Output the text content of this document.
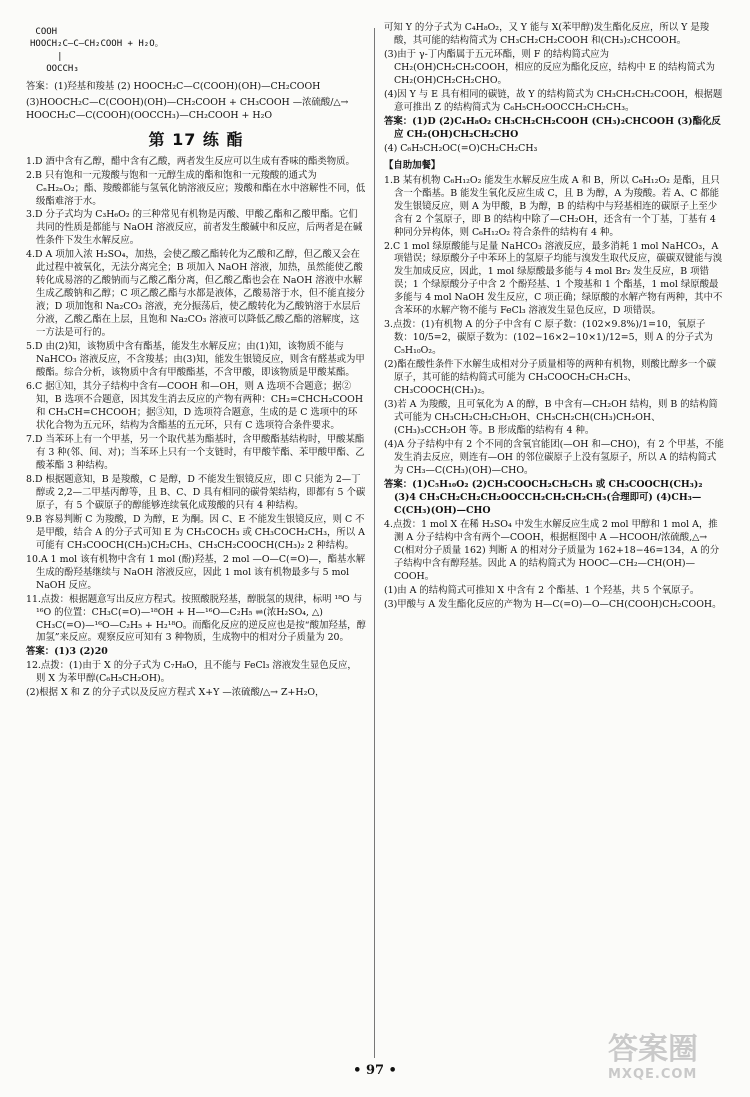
COOH
HOOCH₂C—C—CH₂COOH + H₂O。
|
OOCCH₃

答案：(1)羟基和羧基 (2) HOOCH₂C—C(COOH)(OH)—CH₂COOH

(3)HOOCH₂C—C(COOH)(OH)—CH₂COOH + CH₃COOH —浓硫酸/△→ HOOCH₂C—C(COOH)(OOCCH₃)—CH₂COOH + H₂O

第 17 练 酯

1.D 酒中含有乙醇，醋中含有乙酸，两者发生反应可以生成有香味的酯类物质。

2.B 只有饱和一元羧酸与饱和一元醇生成的酯和饱和一元羧酸的通式为 CₙH₂ₙO₂；酯、羧酸都能与氢氧化钠溶液反应；羧酸和酯在水中溶解性不同，低级酯难溶于水。

3.D 分子式均为 C₃H₆O₂ 的三种常见有机物是丙酸、甲酸乙酯和乙酸甲酯。它们共同的性质是都能与 NaOH 溶液反应，前者发生酸碱中和反应，后两者是在碱性条件下发生水解反应。

4.D A 项加入浓 H₂SO₄，加热，会使乙酸乙酯转化为乙酸和乙醇，但乙酸又会在此过程中被氧化，无法分离完全；B 项加入 NaOH 溶液，加热，虽然能使乙酸转化成易溶的乙酸钠而与乙酸乙酯分离，但乙酸乙酯也会在 NaOH 溶液中水解生成乙酸钠和乙醇；C 项乙酸乙酯与水都是液体，乙酸易溶于水，但不能直接分液；D 项加饱和 Na₂CO₃ 溶液，充分振荡后，使乙酸转化为乙酸钠溶于水层后分液，乙酸乙酯在上层，且饱和 Na₂CO₃ 溶液可以降低乙酸乙酯的溶解度，这一方法是可行的。

5.D 由(2)知，该物质中含有酯基，能发生水解反应；由(1)知，该物质不能与 NaHCO₃ 溶液反应，不含羧基；由(3)知，能发生银镜反应，则含有醛基或为甲酸酯。综合分析，该物质中含有甲酸酯基，不含甲酸，即该物质是甲酸某酯。

6.C 据①知，其分子结构中含有—COOH 和—OH，则 A 选项不合题意；据②知，B 选项不合题意，因其发生消去反应的产物有两种：CH₂=CHCH₂COOH 和 CH₃CH=CHCOOH；据③知，D 选项符合题意，生成的是 C 选项中的环状化合物为五元环，结构为含酯基的五元环，只有 C 选项符合条件要求。

7.D 当苯环上有一个甲基，另一个取代基为酯基时，含甲酸酯基结构时，甲酸某酯有 3 种(邻、间、对)；当苯环上只有一个支链时，有甲酸苄酯、苯甲酸甲酯、乙酸苯酯 3 种结构。

8.D 根据题意知，B 是羧酸，C 是醇，D 不能发生银镜反应，即 C 只能为 2—丁醇或 2,2—二甲基丙醇等，且 B、C、D 具有相同的碳骨架结构，即都有 5 个碳原子，有 5 个碳原子的醇能够连续氧化成羧酸的只有 4 种结构。

9.B 容易判断 C 为羧酸，D 为醇，E 为酮。因 C、E 不能发生银镜反应，则 C 不是甲酸，结合 A 的分子式可知 E 为 CH₃COCH₃ 或 CH₃COCH₂CH₃，所以 A 可能有 CH₃COOCH(CH₃)CH₂CH₃、CH₃CH₂COOCH(CH₃)₂ 2 种结构。

10.A 1 mol 该有机物中含有 1 mol (酚)羟基，2 mol —O—C(=O)—，酯基水解生成的酚羟基继续与 NaOH 溶液反应，因此 1 mol 该有机物最多与 5 mol NaOH 反应。

11.点拨：根据题意写出反应方程式。按照酸脱羟基，醇脱氢的规律，标明 ¹⁸O 与 ¹⁶O 的位置：CH₃C(=O)—¹⁸OH + H—¹⁶O—C₂H₅ ⇌(浓H₂SO₄, △) CH₃C(=O)—¹⁶O—C₂H₅ + H₂¹⁸O。而酯化反应的逆反应也是按“酸加羟基，醇加氢”来反应。观察反应可知有 3 种物质，生成物中的相对分子质量为 20。

答案：(1)3 (2)20

12.点拨：(1)由于 X 的分子式为 C₇H₈O，且不能与 FeCl₃ 溶液发生显色反应，则 X 为苯甲醇(C₆H₅CH₂OH)。

(2)根据 X 和 Z 的分子式以及反应方程式 X+Y —浓硫酸/△→ Z+H₂O，

可知 Y 的分子式为 C₄H₈O₂，又 Y 能与 X(苯甲醇)发生酯化反应，所以 Y 是羧酸，其可能的结构简式为 CH₃CH₂CH₂COOH 和(CH₃)₂CHCOOH。

(3)由于 γ-丁内酯属于五元环酯，则 F 的结构简式应为 CH₂(OH)CH₂CH₂COOH，相应的反应为酯化反应，结构中 E 的结构简式为 CH₂(OH)CH₂CH₂CHO。

(4)因 Y 与 E 具有相同的碳链，故 Y 的结构简式为 CH₃CH₂CH₂COOH，根据题意可推出 Z 的结构简式为 C₆H₅CH₂OOCCH₂CH₂CH₃。

答案：(1)D (2)C₄H₈O₂ CH₃CH₂CH₂COOH (CH₃)₂CHCOOH (3)酯化反应 CH₂(OH)CH₂CH₂CHO

(4) C₆H₅CH₂OC(=O)CH₂CH₂CH₃

【自助加餐】

1.B 某有机物 C₆H₁₂O₂ 能发生水解反应生成 A 和 B，所以 C₆H₁₂O₂ 是酯，且只含一个酯基。B 能发生氧化反应生成 C，且 B 为醇，A 为羧酸。若 A、C 都能发生银镜反应，则 A 为甲酸，B 为醇，B 的结构中与羟基相连的碳原子上至少含有 2 个氢原子，即 B 的结构中除了—CH₂OH，还含有一个丁基，丁基有 4 种同分异构体，则 C₆H₁₂O₂ 符合条件的结构有 4 种。

2.C 1 mol 绿原酸能与足量 NaHCO₃ 溶液反应，最多消耗 1 mol NaHCO₃，A 项错误；绿原酸分子中苯环上的氢原子均能与溴发生取代反应，碳碳双键能与溴发生加成反应，因此，1 mol 绿原酸最多能与 4 mol Br₂ 发生反应，B 项错误；1 个绿原酸分子中含 2 个酚羟基、1 个羧基和 1 个酯基，1 mol 绿原酸最多能与 4 mol NaOH 发生反应，C 项正确；绿原酸的水解产物有两种，其中不含苯环的水解产物不能与 FeCl₃ 溶液发生显色反应，D 项错误。

3.点拨：(1)有机物 A 的分子中含有 C 原子数：(102×9.8%)/1=10，氧原子数：10/5=2，碳原子数为：(102−16×2−10×1)/12=5，则 A 的分子式为 C₅H₁₀O₂。

(2)酯在酸性条件下水解生成相对分子质量相等的两种有机物，则酸比醇多一个碳原子，其可能的结构简式可能为 CH₃COOCH₂CH₂CH₃、CH₃COOCH(CH₃)₂。

(3)若 A 为羧酸，且可氧化为 A 的醇，B 中含有—CH₂OH 结构，则 B 的结构简式可能为 CH₃CH₂CH₂CH₂OH、CH₃CH₂CH(CH₃)CH₂OH、(CH₃)₃CCH₂OH 等。B 形成酯的结构有 4 种。

(4)A 分子结构中有 2 个不同的含氧官能团(—OH 和—CHO)，有 2 个甲基，不能发生消去反应，则连有—OH 的邻位碳原子上没有氢原子，所以 A 的结构简式为 CH₃—C(CH₃)(OH)—CHO。

答案：(1)C₅H₁₀O₂ (2)CH₃COOCH₂CH₂CH₃ 或 CH₃COOCH(CH₃)₂ (3)4 CH₃CH₂CH₂CH₂OOCCH₂CH₂CH₂CH₃(合理即可) (4)CH₃—C(CH₃)(OH)—CHO

4.点拨：1 mol X 在稀 H₂SO₄ 中发生水解反应生成 2 mol 甲醇和 1 mol A，推测 A 分子结构中含有两个—COOH，根据框图中 A —HCOOH/浓硫酸,△→ C(相对分子质量 162) 判断 A 的相对分子质量为 162+18−46=134，A 的分子结构中含有醇羟基。因此 A 的结构简式为 HOOC—CH₂—CH(OH)—COOH。

(1)由 A 的结构简式可推知 X 中含有 2 个酯基、1 个羟基，共 5 个氧原子。

(3)甲酸与 A 发生酯化反应的产物为 H—C(=O)—O—CH(COOH)CH₂COOH。

• 97 •
答案圈
MXQE.COM
